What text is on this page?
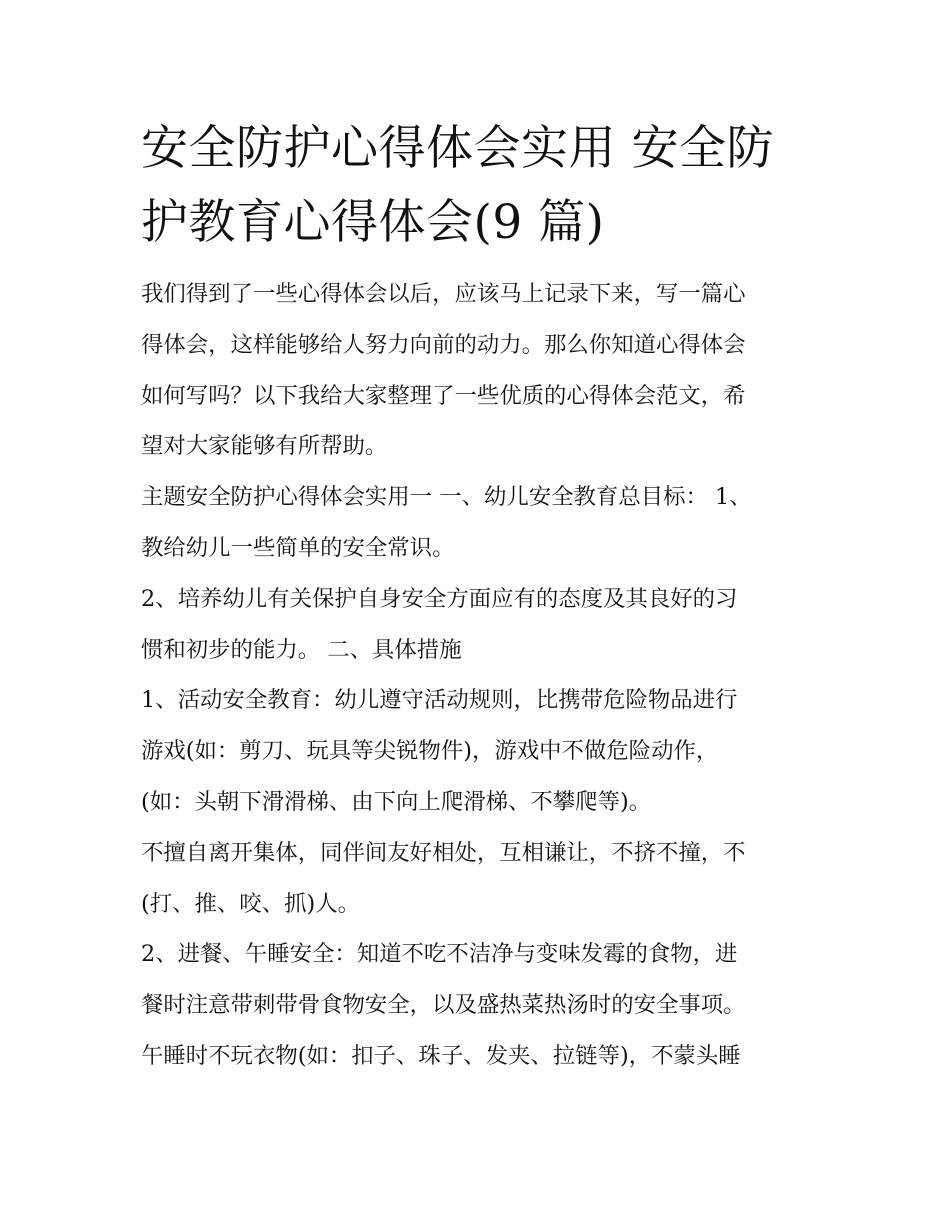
安全防护心得体会实用 安全防
护教育心得体会(9 篇)

我们得到了一些心得体会以后，应该马上记录下来，写一篇心
得体会，这样能够给人努力向前的动力。那么你知道心得体会
如何写吗？以下我给大家整理了一些优质的心得体会范文，希
望对大家能够有所帮助。

主题安全防护心得体会实用一 一、幼儿安全教育总目标： 1、
教给幼儿一些简单的安全常识。

2、培养幼儿有关保护自身安全方面应有的态度及其良好的习
惯和初步的能力。 二、具体措施

1、活动安全教育：幼儿遵守活动规则，比携带危险物品进行
游戏(如：剪刀、玩具等尖锐物件)，游戏中不做危险动作，
(如：头朝下滑滑梯、由下向上爬滑梯、不攀爬等)。

不擅自离开集体，同伴间友好相处，互相谦让，不挤不撞，不
(打、推、咬、抓)人。

2、进餐、午睡安全：知道不吃不洁净与变味发霉的食物，进
餐时注意带刺带骨食物安全，以及盛热菜热汤时的安全事项。
午睡时不玩衣物(如：扣子、珠子、发夹、拉链等)，不蒙头睡
